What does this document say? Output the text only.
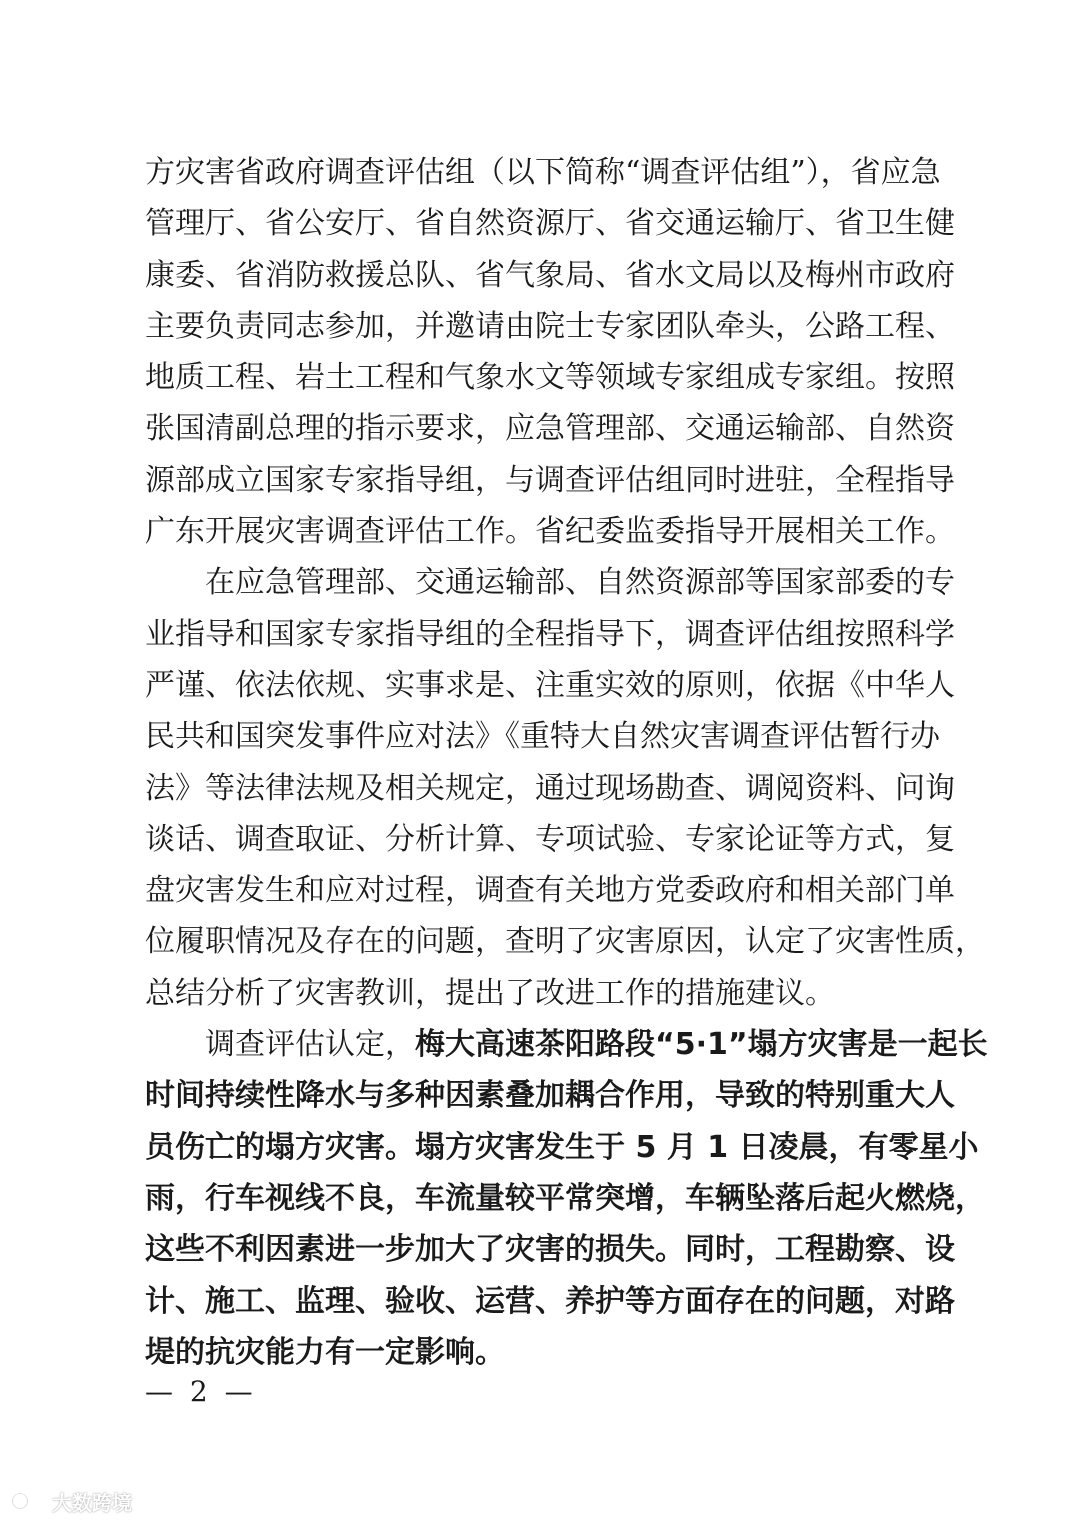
方灾害省政府调查评估组（以下简称“调查评估组”），省应急
管理厅、省公安厅、省自然资源厅、省交通运输厅、省卫生健
康委、省消防救援总队、省气象局、省水文局以及梅州市政府
主要负责同志参加，并邀请由院士专家团队牵头，公路工程、
地质工程、岩土工程和气象水文等领域专家组成专家组。按照
张国清副总理的指示要求，应急管理部、交通运输部、自然资
源部成立国家专家指导组，与调查评估组同时进驻，全程指导
广东开展灾害调查评估工作。省纪委监委指导开展相关工作。
在应急管理部、交通运输部、自然资源部等国家部委的专
业指导和国家专家指导组的全程指导下，调查评估组按照科学
严谨、依法依规、实事求是、注重实效的原则，依据《中华人
民共和国突发事件应对法》《重特大自然灾害调查评估暂行办
法》等法律法规及相关规定，通过现场勘查、调阅资料、问询
谈话、调查取证、分析计算、专项试验、专家论证等方式，复
盘灾害发生和应对过程，调查有关地方党委政府和相关部门单
位履职情况及存在的问题，查明了灾害原因，认定了灾害性质，
总结分析了灾害教训，提出了改进工作的措施建议。
调查评估认定，梅大高速茶阳路段“5·1”塌方灾害是一起长
时间持续性降水与多种因素叠加耦合作用，导致的特别重大人
员伤亡的塌方灾害。塌方灾害发生于 5 月 1 日凌晨，有零星小
雨，行车视线不良，车流量较平常突增，车辆坠落后起火燃烧，
这些不利因素进一步加大了灾害的损失。同时，工程勘察、设
计、施工、监理、验收、运营、养护等方面存在的问题，对路
堤的抗灾能力有一定影响。
— 2 —
大数跨境
